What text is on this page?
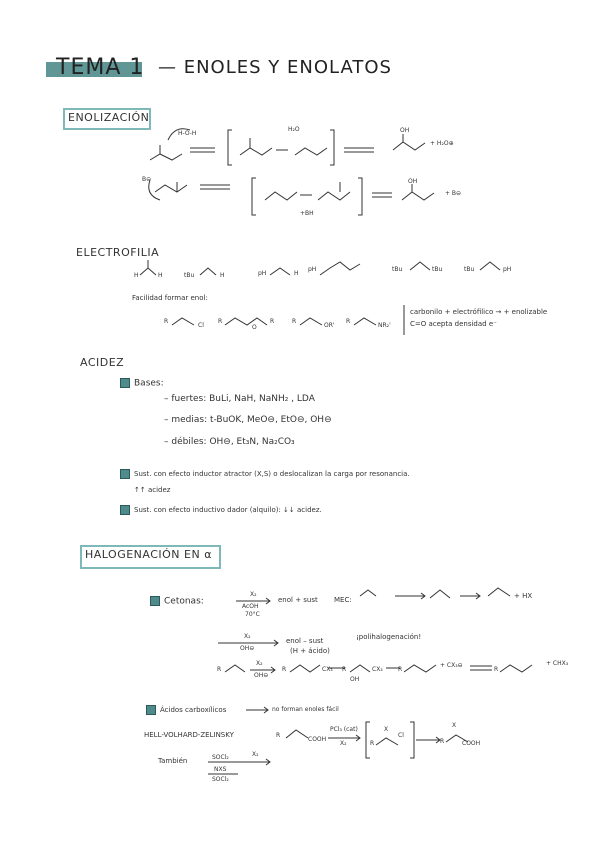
TEMA 1 — ENOLES Y ENOLATOS
ENOLIZACIÓN
H-O-H
H₂O	OH
+ H₂O⊕
B⊖
+BH
OH
+ B⊖
ELECTROFILIA
H	H	tBu	H	pH	H
pH	tBu	tBu	tBu	pH
Facilidad formar enol:
R
Cl
R
O
R	R
OR'
R
NR₂'
carbonilo + electrófilico → + enolizable
C=O acepta densidad e⁻
ACIDEZ
Bases:
– fuertes: BuLi, NaH, NaNH₂ , LDA
– medias: t-BuOK, MeO⊖, EtO⊖, OH⊖
– débiles: OH⊖, Et₃N, Na₂CO₃
Sust. con efecto inductor atractor (X,S) o deslocalizan la carga por resonancia.
↑↑ acidez
Sust. con efecto inductivo dador (alquilo): ↓↓ acidez.
HALOGENACIÓN EN α
Cetonas:
X₂
AcOH
70°C
enol + sust MEC:	+ HX
X₂
OH⊖
enol – sust
(H + ácido)
¡polihalogenación!
R
X₂
OH⊖
R	CX₃ R
OH
CX₃	R
+ CX₃⊖
R
+ CHX₃
Ácidos carboxílicos	no forman enoles fácil
HELL-VOLHARD-ZELINSKY	R
COOH
PCl₃ (cat)
X₂	R
X
Cl
R
X
COOH
También	SOCl₂	X₂
NXS
SOCl₂
